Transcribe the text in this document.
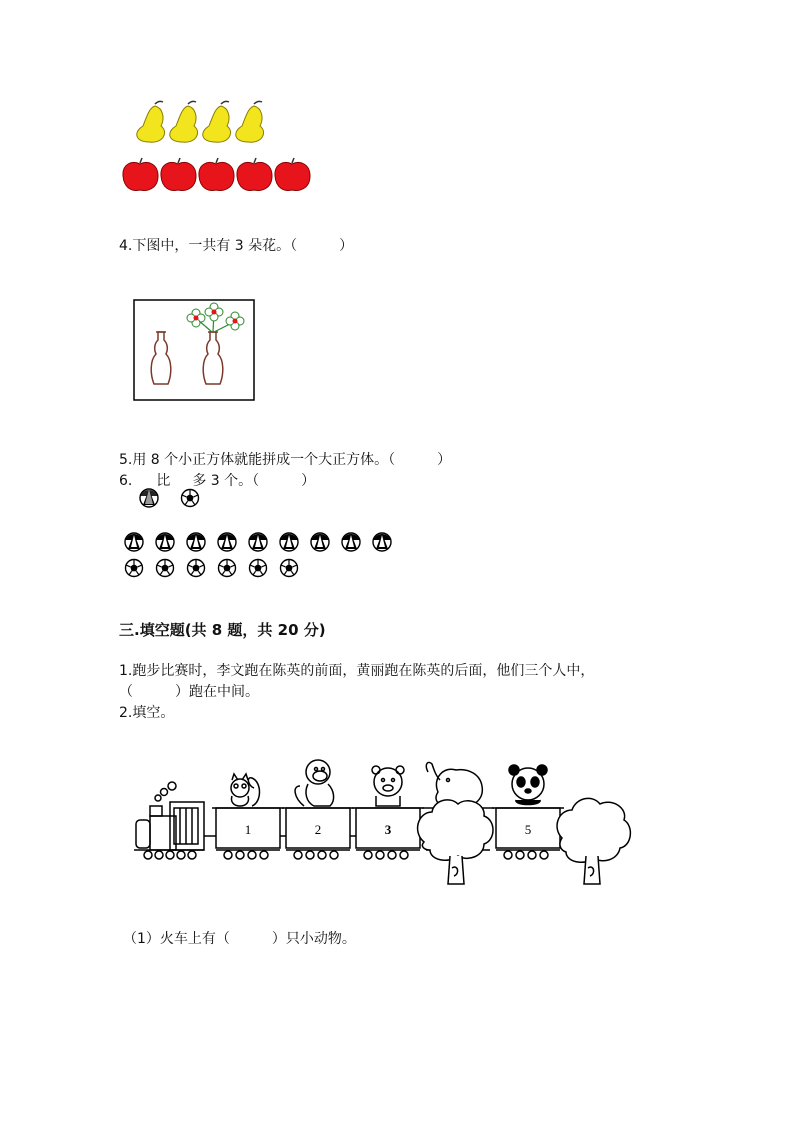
4.下图中，一共有 3 朵花。（　　　）
5.用 8 个小正方体就能拼成一个大正方体。（　　　）
6. 比 多 3 个。（　　　）
三.填空题(共 8 题，共 20 分)
1.跑步比赛时，李文跑在陈英的前面，黄丽跑在陈英的后面，他们三个人中，
（　　　）跑在中间。
2.填空。
1	2	3	5
（1）火车上有（　　　）只小动物。
